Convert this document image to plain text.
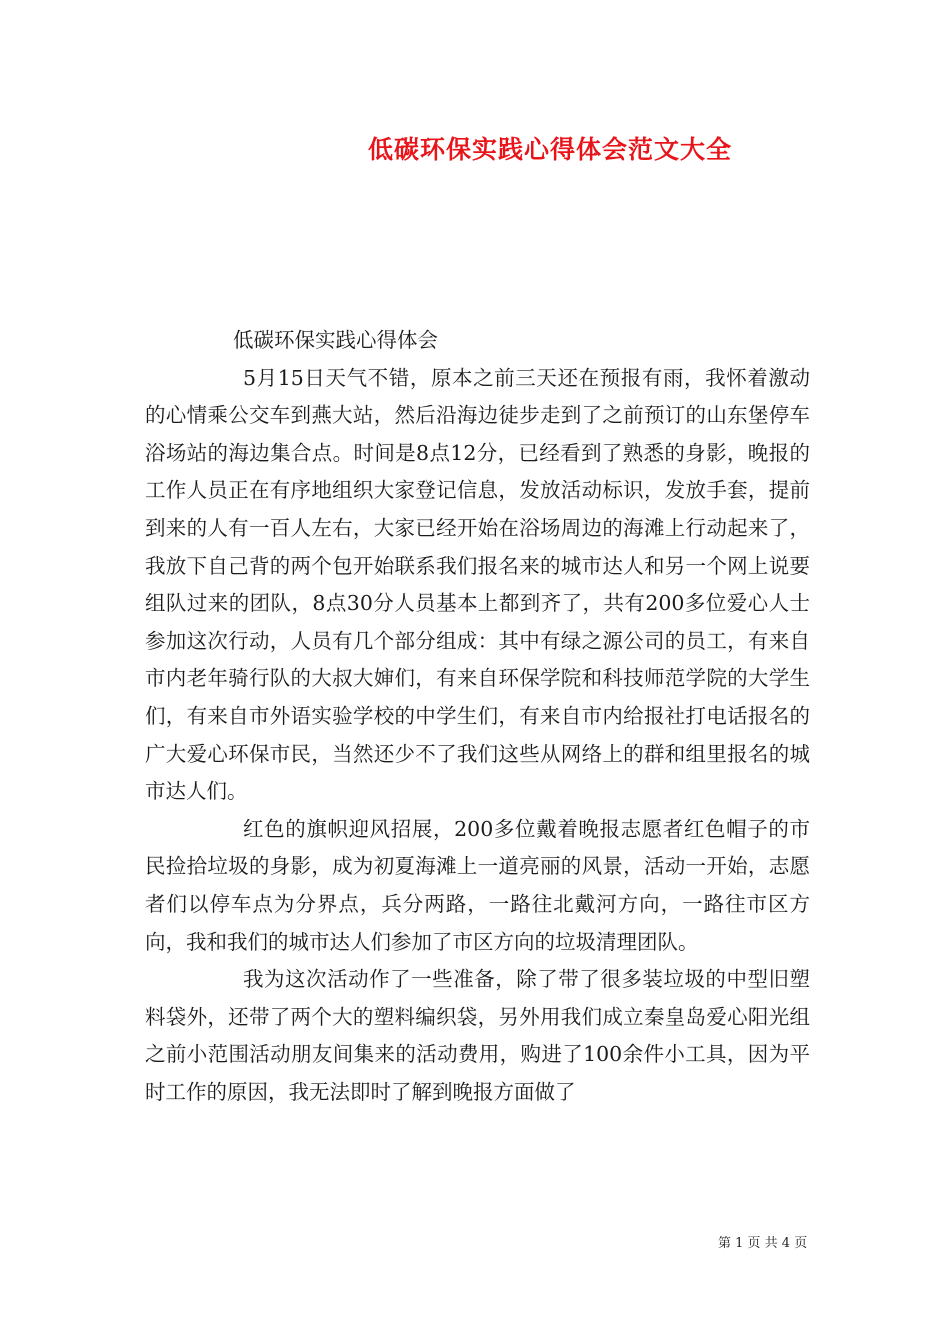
低碳环保实践心得体会范文大全

低碳环保实践心得体会

5月15日天气不错，原本之前三天还在预报有雨，我怀着激动的心情乘公交车到燕大站，然后沿海边徒步走到了之前预订的山东堡停车浴场站的海边集合点。时间是8点12分，已经看到了熟悉的身影，晚报的工作人员正在有序地组织大家登记信息，发放活动标识，发放手套，提前到来的人有一百人左右，大家已经开始在浴场周边的海滩上行动起来了，我放下自己背的两个包开始联系我们报名来的城市达人和另一个网上说要组队过来的团队，8点30分人员基本上都到齐了，共有200多位爱心人士参加这次行动，人员有几个部分组成：其中有绿之源公司的员工，有来自市内老年骑行队的大叔大婶们，有来自环保学院和科技师范学院的大学生们，有来自市外语实验学校的中学生们，有来自市内给报社打电话报名的广大爱心环保市民，当然还少不了我们这些从网络上的群和组里报名的城市达人们。

红色的旗帜迎风招展，200多位戴着晚报志愿者红色帽子的市民捡拾垃圾的身影，成为初夏海滩上一道亮丽的风景，活动一开始，志愿者们以停车点为分界点，兵分两路，一路往北戴河方向，一路往市区方向，我和我们的城市达人们参加了市区方向的垃圾清理团队。

我为这次活动作了一些准备，除了带了很多装垃圾的中型旧塑料袋外，还带了两个大的塑料编织袋，另外用我们成立秦皇岛爱心阳光组之前小范围活动朋友间集来的活动费用，购进了100余件小工具，因为平时工作的原因，我无法即时了解到晚报方面做了

第 1 页 共 4 页
